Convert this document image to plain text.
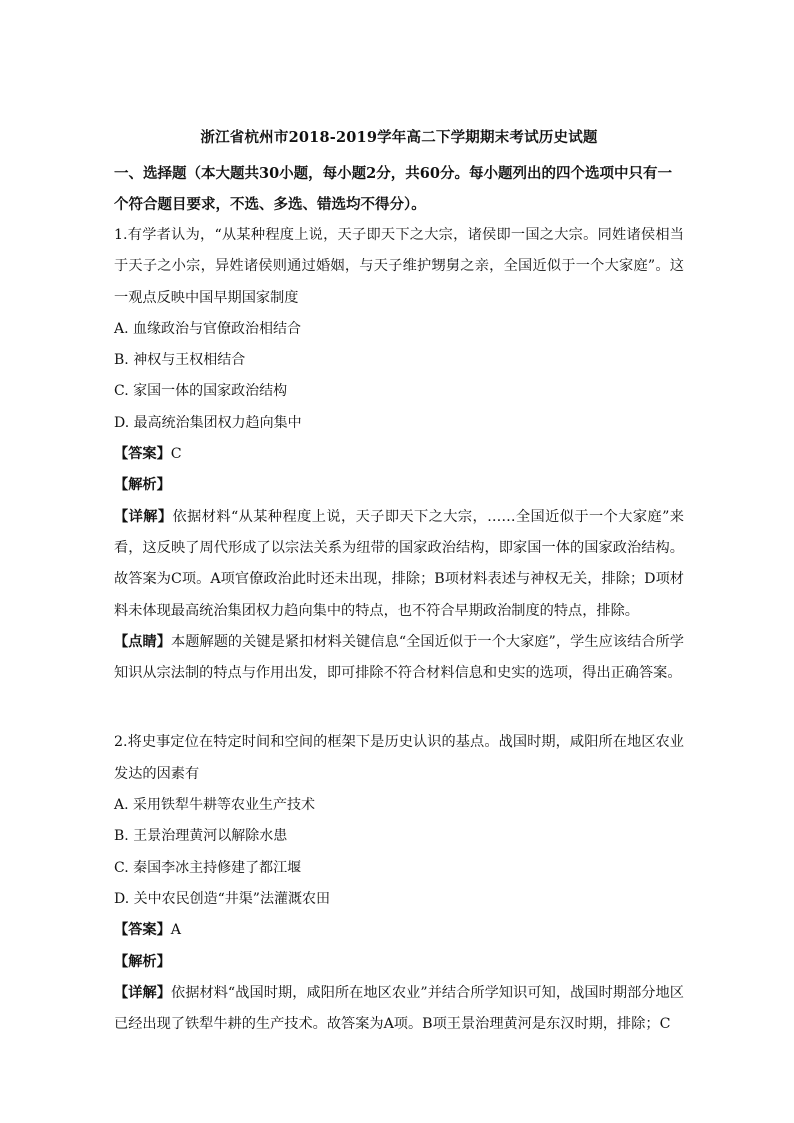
浙江省杭州市2018-2019学年高二下学期期末考试历史试题

一、选择题（本大题共30小题，每小题2分，共60分。每小题列出的四个选项中只有一个符合题目要求，不选、多选、错选均不得分）。

1.有学者认为，“从某种程度上说，天子即天下之大宗，诸侯即一国之大宗。同姓诸侯相当于天子之小宗，异姓诸侯则通过婚姻，与天子维护甥舅之亲，全国近似于一个大家庭”。这一观点反映中国早期国家制度

A. 血缘政治与官僚政治相结合

B. 神权与王权相结合

C. 家国一体的国家政治结构

D. 最高统治集团权力趋向集中

【答案】C

【解析】

【详解】依据材料“从某种程度上说，天子即天下之大宗，……全国近似于一个大家庭”来看，这反映了周代形成了以宗法关系为纽带的国家政治结构，即家国一体的国家政治结构。故答案为C项。A项官僚政治此时还未出现，排除；B项材料表述与神权无关，排除；D项材料未体现最高统治集团权力趋向集中的特点，也不符合早期政治制度的特点，排除。

【点睛】本题解题的关键是紧扣材料关键信息“全国近似于一个大家庭”，学生应该结合所学知识从宗法制的特点与作用出发，即可排除不符合材料信息和史实的选项，得出正确答案。

2.将史事定位在特定时间和空间的框架下是历史认识的基点。战国时期，咸阳所在地区农业发达的因素有

A. 采用铁犁牛耕等农业生产技术

B. 王景治理黄河以解除水患

C. 秦国李冰主持修建了都江堰

D. 关中农民创造“井渠”法灌溉农田

【答案】A

【解析】

【详解】依据材料“战国时期，咸阳所在地区农业”并结合所学知识可知，战国时期部分地区已经出现了铁犁牛耕的生产技术。故答案为A项。B项王景治理黄河是东汉时期，排除；C
